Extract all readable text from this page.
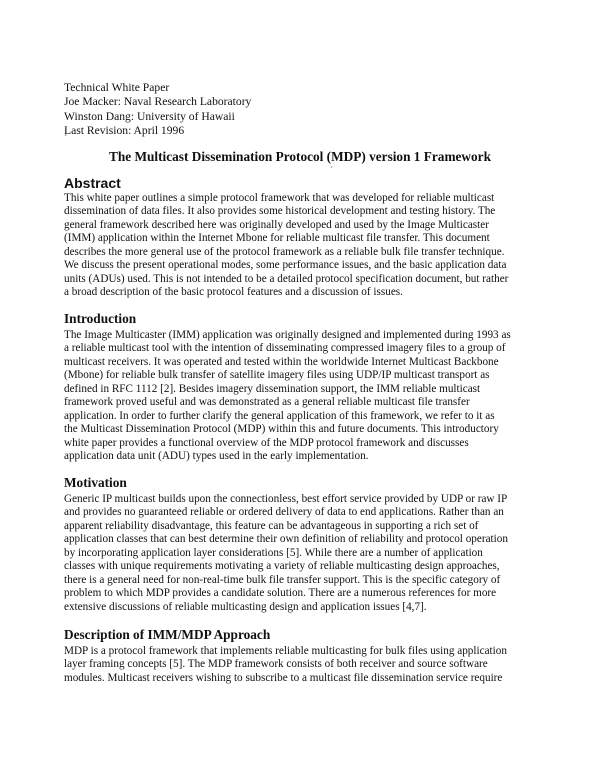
Technical White Paper
Joe Macker: Naval Research Laboratory
Winston Dang: University of Hawaii
Last Revision: April 1996
´
The Multicast Dissemination Protocol (MDP) version 1 Framework
´
Abstract
This white paper outlines a simple protocol framework that was developed for reliable multicast
dissemination of data files. It also provides some historical development and testing history. The
general framework described here was originally developed and used by the Image Multicaster
(IMM) application within the Internet Mbone for reliable multicast file transfer. This document
describes the more general use of the protocol framework as a reliable bulk file transfer technique.
We discuss the present operational modes, some performance issues, and the basic application data
units (ADUs) used. This is not intended to be a detailed protocol specification document, but rather
a broad description of the basic protocol features and a discussion of issues.
Introduction
The Image Multicaster (IMM) application was originally designed and implemented during 1993 as
a reliable multicast tool with the intention of disseminating compressed imagery files to a group of
multicast receivers. It was operated and tested within the worldwide Internet Multicast Backbone
(Mbone) for reliable bulk transfer of satellite imagery files using UDP/IP multicast transport as
defined in RFC 1112 [2]. Besides imagery dissemination support, the IMM reliable multicast
framework proved useful and was demonstrated as a general reliable multicast file transfer
application. In order to further clarify the general application of this framework, we refer to it as
the Multicast Dissemination Protocol (MDP) within this and future documents. This introductory
white paper provides a functional overview of the MDP protocol framework and discusses
application data unit (ADU) types used in the early implementation.
Motivation
Generic IP multicast builds upon the connectionless, best effort service provided by UDP or raw IP
and provides no guaranteed reliable or ordered delivery of data to end applications. Rather than an
apparent reliability disadvantage, this feature can be advantageous in supporting a rich set of
application classes that can best determine their own definition of reliability and protocol operation
by incorporating application layer considerations [5]. While there are a number of application
classes with unique requirements motivating a variety of reliable multicasting design approaches,
there is a general need for non-real-time bulk file transfer support. This is the specific category of
problem to which MDP provides a candidate solution. There are a numerous references for more
extensive discussions of reliable multicasting design and application issues [4,7].
Description of IMM/MDP Approach
MDP is a protocol framework that implements reliable multicasting for bulk files using application
layer framing concepts [5]. The MDP framework consists of both receiver and source software
modules. Multicast receivers wishing to subscribe to a multicast file dissemination service require
